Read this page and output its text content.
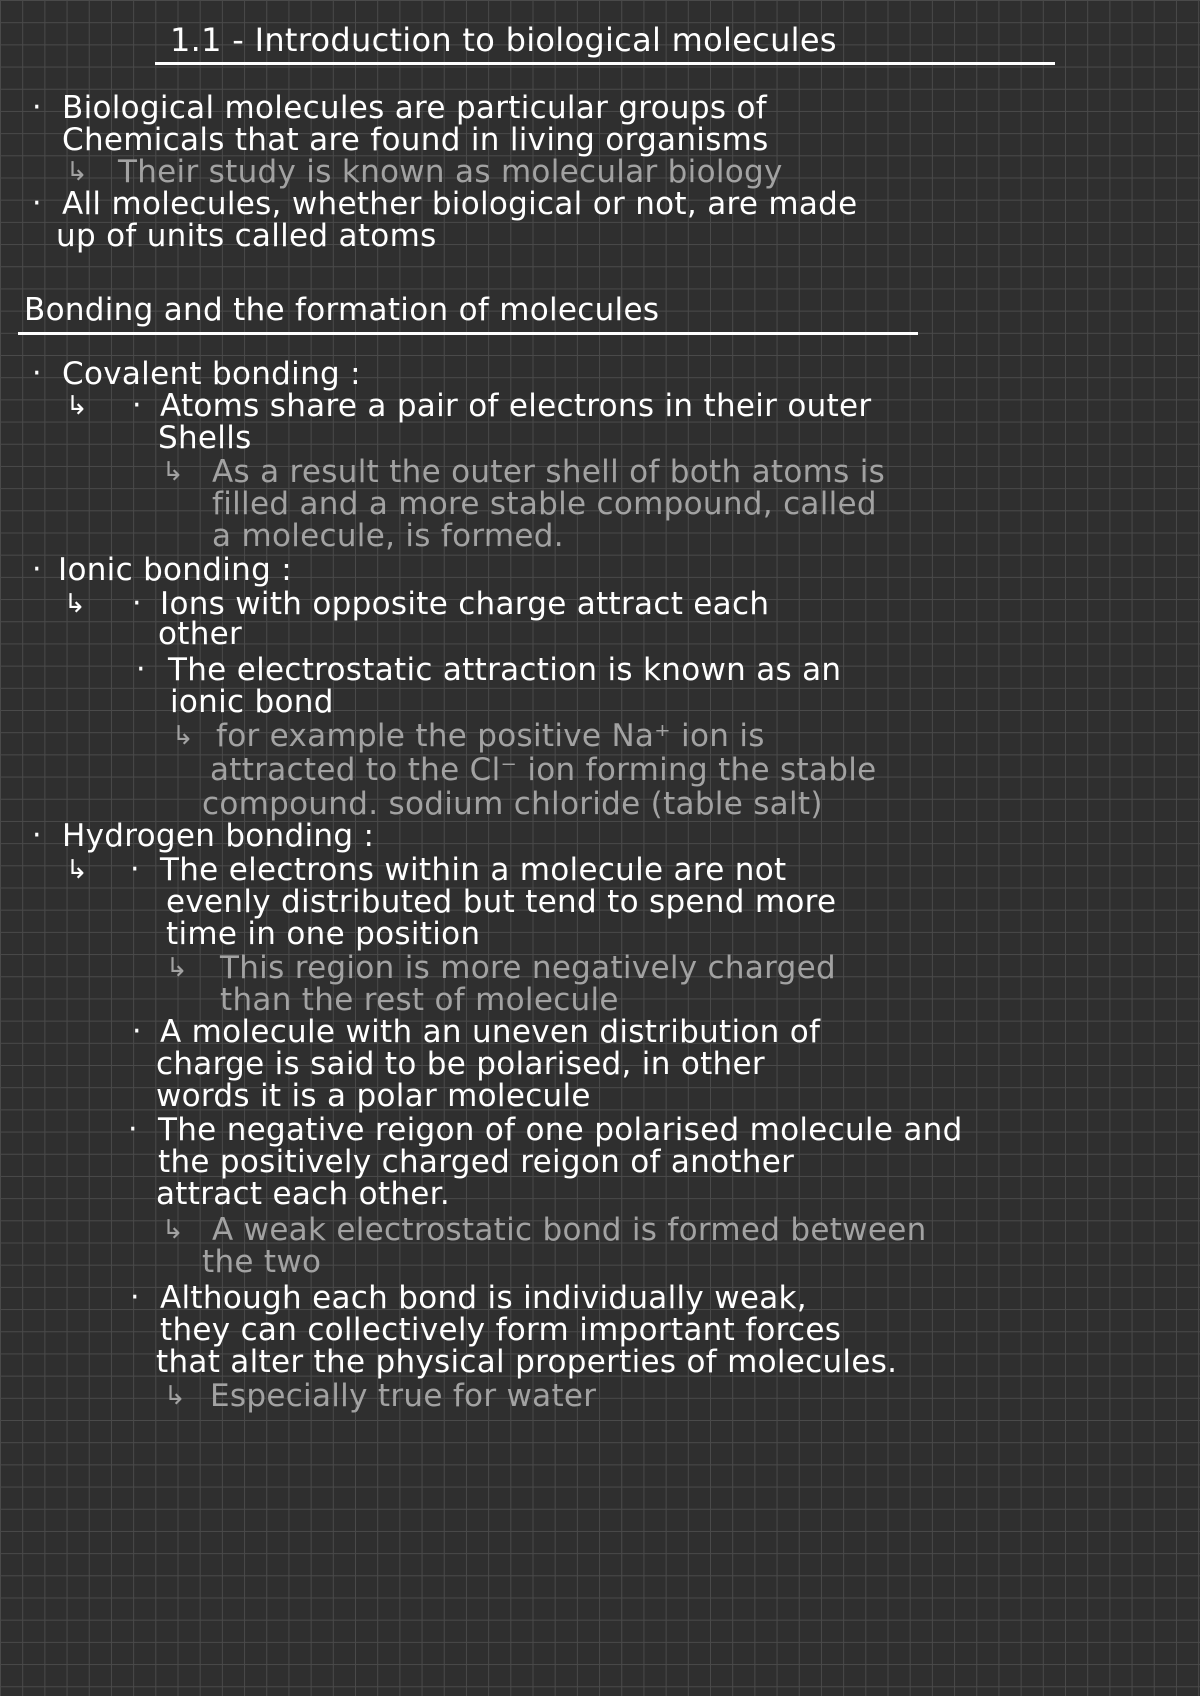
1.1 - Introduction to biological molecules
· Biological molecules are particular groups of
Chemicals that are found in living organisms
↳ Their study is known as molecular biology
· All molecules, whether biological or not, are made
up of units called atoms
Bonding and the formation of molecules
· Covalent bonding :
↳ · Atoms share a pair of electrons in their outer
Shells
↳ As a result the outer shell of both atoms is
filled and a more stable compound, called
a molecule, is formed.
· Ionic bonding :
↳ · Ions with opposite charge attract each
other
· The electrostatic attraction is known as an
ionic bond
↳ for example the positive Na⁺ ion is
attracted to the Cl⁻ ion forming the stable
compound. sodium chloride (table salt)
· Hydrogen bonding :
↳ · The electrons within a molecule are not
evenly distributed but tend to spend more
time in one position
↳ This region is more negatively charged
than the rest of molecule
· A molecule with an uneven distribution of
charge is said to be polarised, in other
words it is a polar molecule
· The negative reigon of one polarised molecule and
the positively charged reigon of another
attract each other.
↳ A weak electrostatic bond is formed between
the two
· Although each bond is individually weak,
they can collectively form important forces
that alter the physical properties of molecules.
↳ Especially true for water
